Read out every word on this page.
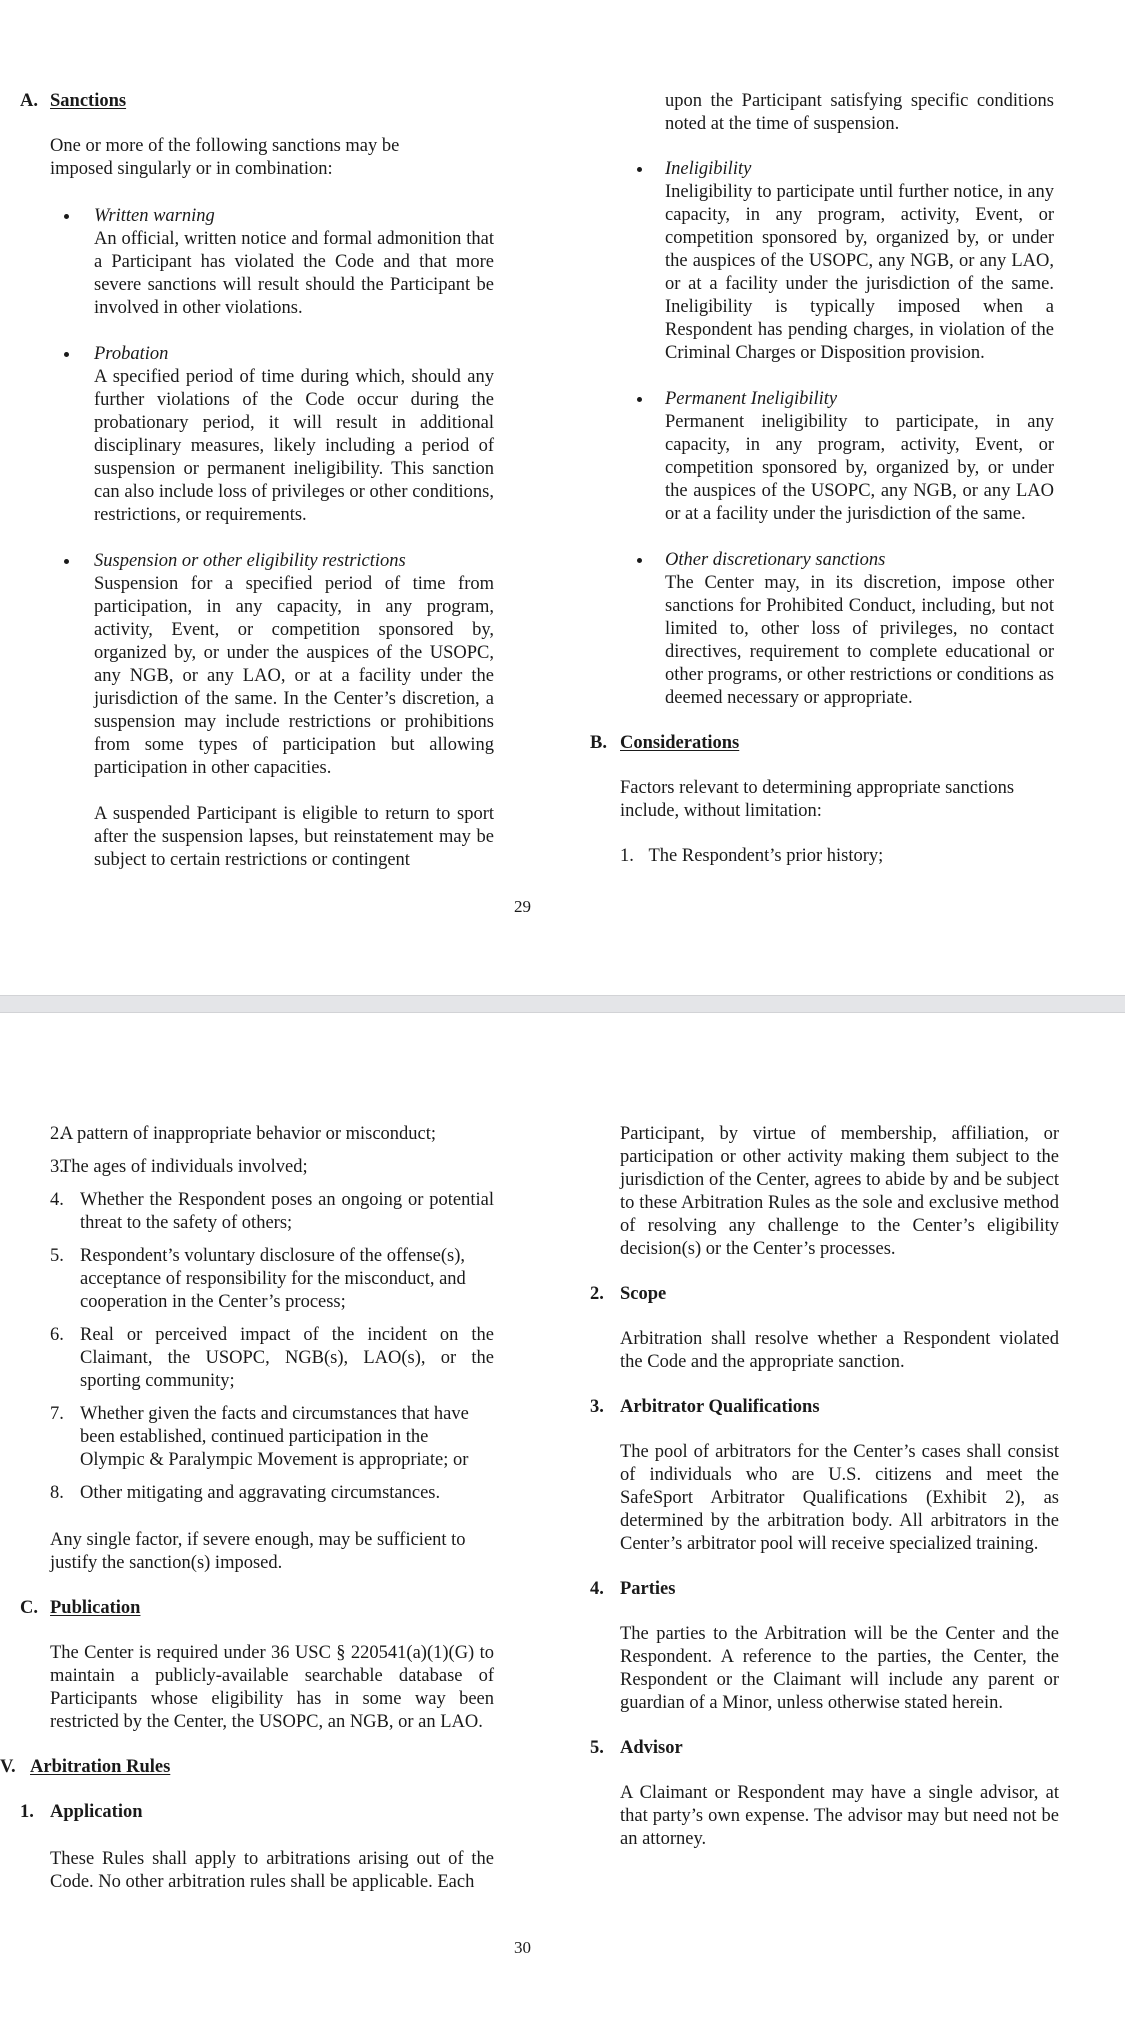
A. Sanctions

One or more of the following sanctions may be imposed singularly or in combination:

Written warning
An official, written notice and formal admonition that a Participant has violated the Code and that more severe sanctions will result should the Participant be involved in other violations.
Probation
A specified period of time during which, should any further violations of the Code occur during the probationary period, it will result in additional disciplinary measures, likely including a period of suspension or permanent ineligibility. This sanction can also include loss of privileges or other conditions, restrictions, or requirements.
Suspension or other eligibility restrictions
Suspension for a specified period of time from participation, in any capacity, in any program, activity, Event, or competition sponsored by, organized by, or under the auspices of the USOPC, any NGB, or any LAO, or at a facility under the jurisdiction of the same. In the Center’s discretion, a suspension may include restrictions or prohibitions from some types of participation but allowing participation in other capacities.
A suspended Participant is eligible to return to sport after the suspension lapses, but reinstatement may be subject to certain restrictions or contingent

upon the Participant satisfying specific conditions noted at the time of suspension.

Ineligibility
Ineligibility to participate until further notice, in any capacity, in any program, activity, Event, or competition sponsored by, organized by, or under the auspices of the USOPC, any NGB, or any LAO, or at a facility under the jurisdiction of the same. Ineligibility is typically imposed when a Respondent has pending charges, in violation of the Criminal Charges or Disposition provision.
Permanent Ineligibility
Permanent ineligibility to participate, in any capacity, in any program, activity, Event, or competition sponsored by, organized by, or under the auspices of the USOPC, any NGB, or any LAO or at a facility under the jurisdiction of the same.
Other discretionary sanctions
The Center may, in its discretion, impose other sanctions for Prohibited Conduct, including, but not limited to, other loss of privileges, no contact directives, requirement to complete educational or other programs, or other restrictions or conditions as deemed necessary or appropriate.
B. Considerations

Factors relevant to determining appropriate sanctions include, without limitation:

1. The Respondent’s prior history;
29
2.
A pattern of inappropriate behavior or misconduct;
3.
The ages of individuals involved;
4. Whether the Respondent poses an ongoing or potential threat to the safety of others;
5. Respondent’s voluntary disclosure of the offense(s), acceptance of responsibility for the misconduct, and cooperation in the Center’s process;
6. Real or perceived impact of the incident on the Claimant, the USOPC, NGB(s), LAO(s), or the sporting community;
7. Whether given the facts and circumstances that have been established, continued participation in the Olympic & Paralympic Movement is appropriate; or
8. Other mitigating and aggravating circumstances.

Any single factor, if severe enough, may be sufficient to justify the sanction(s) imposed.

C. Publication

The Center is required under 36 USC § 220541(a)(1)(G) to maintain a publicly-available searchable database of Participants whose eligibility has in some way been restricted by the Center, the USOPC, an NGB, or an LAO.

V. Arbitration Rules
1. Application

These Rules shall apply to arbitrations arising out of the Code. No other arbitration rules shall be applicable. Each

Participant, by virtue of membership, affiliation, or participation or other activity making them subject to the jurisdiction of the Center, agrees to abide by and be subject to these Arbitration Rules as the sole and exclusive method of resolving any challenge to the Center’s eligibility decision(s) or the Center’s processes.

2. Scope

Arbitration shall resolve whether a Respondent violated the Code and the appropriate sanction.

3. Arbitrator Qualifications

The pool of arbitrators for the Center’s cases shall consist of individuals who are U.S. citizens and meet the SafeSport Arbitrator Qualifications (Exhibit 2), as determined by the arbitration body. All arbitrators in the Center’s arbitrator pool will receive specialized training.

4. Parties

The parties to the Arbitration will be the Center and the Respondent. A reference to the parties, the Center, the Respondent or the Claimant will include any parent or guardian of a Minor, unless otherwise stated herein.

5. Advisor

A Claimant or Respondent may have a single advisor, at that party’s own expense. The advisor may but need not be an attorney.

30
